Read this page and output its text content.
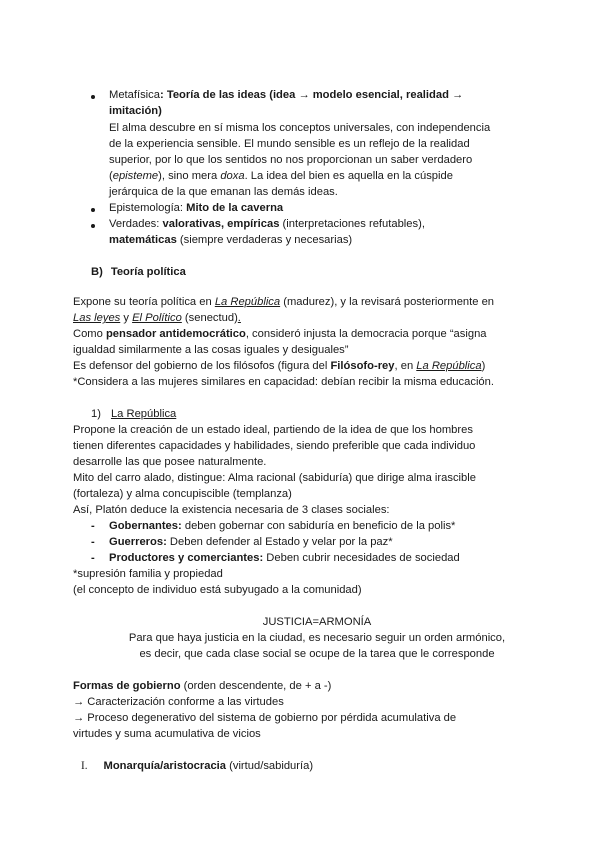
Metafísica: Teoría de las ideas (idea → modelo esencial, realidad →
imitación)
El alma descubre en sí misma los conceptos universales, con independencia
de la experiencia sensible. El mundo sensible es un reflejo de la realidad
superior, por lo que los sentidos no nos proporcionan un saber verdadero
(episteme), sino mera doxa. La idea del bien es aquella en la cúspide
jerárquica de la que emanan las demás ideas.
Epistemología: Mito de la caverna
Verdades: valorativas, empíricas (interpretaciones refutables),
matemáticas (siempre verdaderas y necesarias)
B) Teoría política
Expone su teoría política en La República (madurez), y la revisará posteriormente en
Las leyes y El Político (senectud).
Como pensador antidemocrático, consideró injusta la democracia porque “asigna
igualdad similarmente a las cosas iguales y desiguales”
Es defensor del gobierno de los filósofos (figura del Filósofo-rey, en La República)
*Considera a las mujeres similares en capacidad: debían recibir la misma educación.
1) La República
Propone la creación de un estado ideal, partiendo de la idea de que los hombres
tienen diferentes capacidades y habilidades, siendo preferible que cada individuo
desarrolle las que posee naturalmente.
Mito del carro alado, distingue: Alma racional (sabiduría) que dirige alma irascible
(fortaleza) y alma concupiscible (templanza)
Así, Platón deduce la existencia necesaria de 3 clases sociales:
- Gobernantes: deben gobernar con sabiduría en beneficio de la polis*
- Guerreros: Deben defender al Estado y velar por la paz*
- Productores y comerciantes: Deben cubrir necesidades de sociedad
*supresión familia y propiedad
(el concepto de individuo está subyugado a la comunidad)
JUSTICIA=ARMONÍA
Para que haya justicia en la ciudad, es necesario seguir un orden armónico,
es decir, que cada clase social se ocupe de la tarea que le corresponde
Formas de gobierno (orden descendente, de + a -)
→ Caracterización conforme a las virtudes
→ Proceso degenerativo del sistema de gobierno por pérdida acumulativa de
virtudes y suma acumulativa de vicios
I. Monarquía/aristocracia (virtud/sabiduría)
